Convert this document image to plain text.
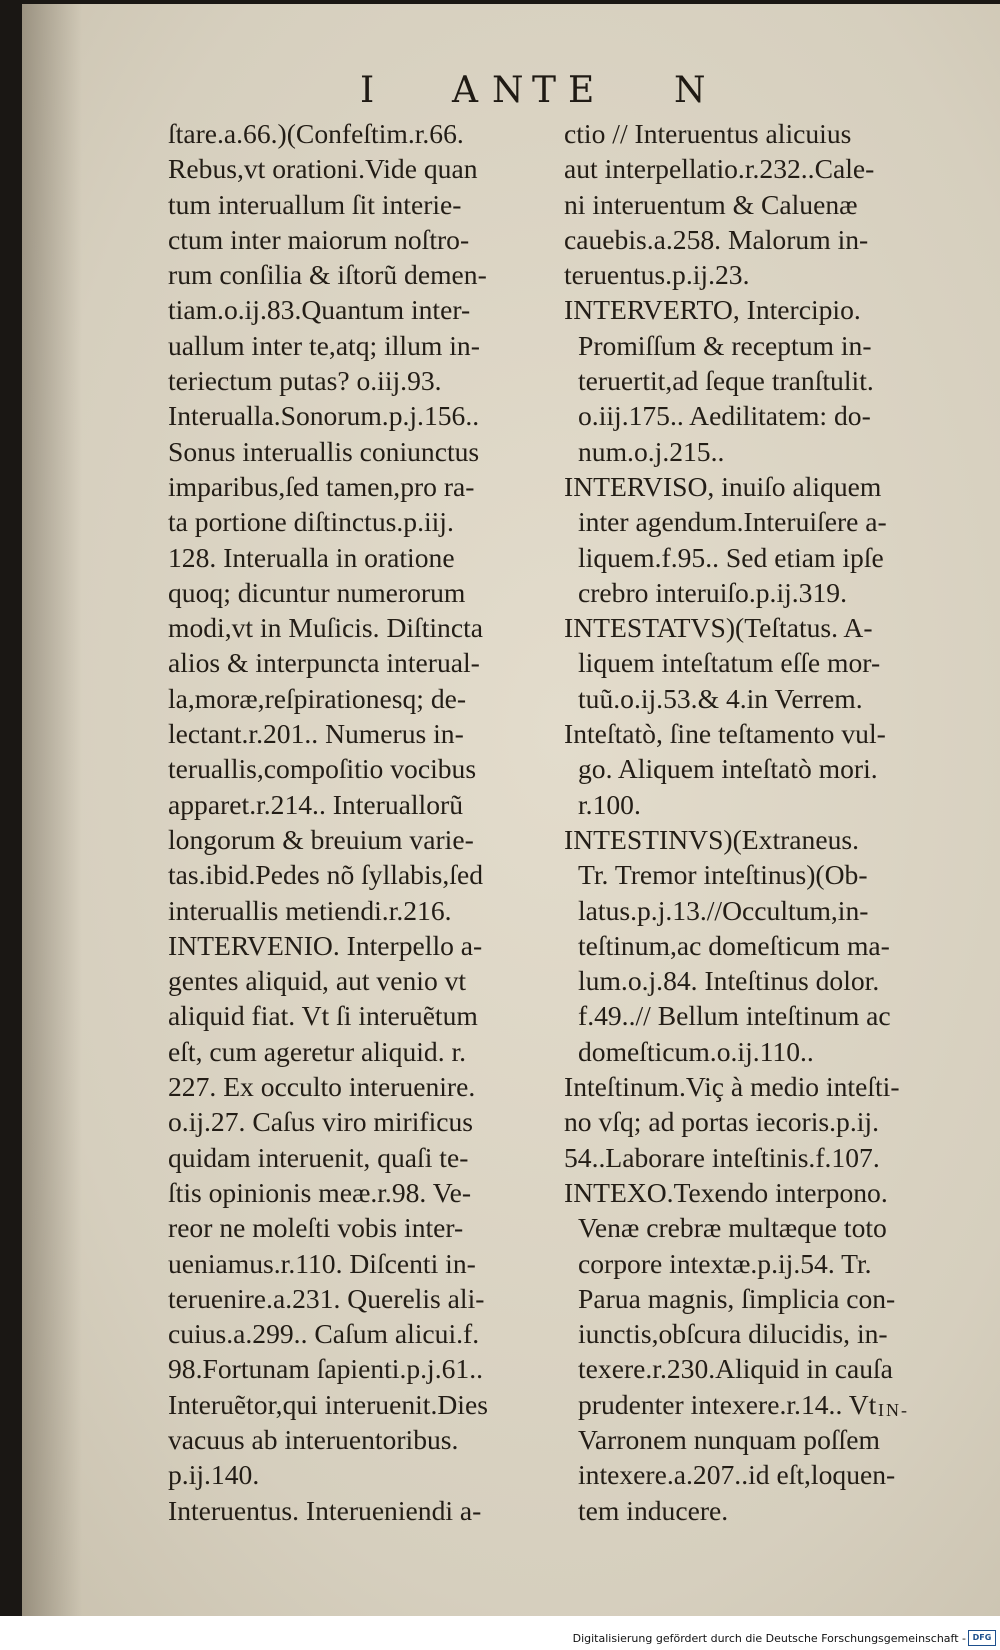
I A N T E N
ſtare.a.66.)(Confeſtim.r.66.
Rebus,vt orationi.Vide quan
tum interuallum ſit interie-
ctum inter maiorum noſtro-
rum conſilia & iſtorũ demen-
tiam.o.ij.83.Quantum inter-
uallum inter te,atq; illum in-
teriectum putas? o.iij.93.
Interualla.Sonorum.p.j.156..
Sonus interuallis coniunctus
imparibus,ſed tamen,pro ra-
ta portione diſtinctus.p.iij.
128. Interualla in oratione
quoq; dicuntur numerorum
modi,vt in Muſicis. Diſtincta
alios & interpuncta interual-
la,moræ,reſpirationesq; de-
lectant.r.201.. Numerus in-
teruallis,compoſitio vocibus
apparet.r.214.. Interuallorũ
longorum & breuium varie-
tas.ibid.Pedes nõ ſyllabis,ſed
interuallis metiendi.r.216.
INTERVENIO. Interpello a-
gentes aliquid, aut venio vt
aliquid fiat. Vt ſi interuẽtum
eſt, cum ageretur aliquid. r.
227. Ex occulto interuenire.
o.ij.27. Caſus viro mirificus
quidam interuenit, quaſi te-
ſtis opinionis meæ.r.98. Ve-
reor ne moleſti vobis inter-
ueniamus.r.110. Diſcenti in-
teruenire.a.231. Querelis ali-
cuius.a.299.. Caſum alicui.f.
98.Fortunam ſapienti.p.j.61..
Interuẽtor,qui interuenit.Dies
vacuus ab interuentoribus.
p.ij.140.
Interuentus. Interueniendi a-
ctio // Interuentus alicuius
aut interpellatio.r.232..Cale-
ni interuentum & Caluenæ
cauebis.a.258. Malorum in-
teruentus.p.ij.23.
INTERVERTO, Intercipio.
Promiſſum & receptum in-
teruertit,ad ſeque tranſtulit.
o.iij.175.. Aedilitatem: do-
num.o.j.215..
INTERVISO, inuiſo aliquem
inter agendum.Interuiſere a-
liquem.f.95.. Sed etiam ipſe
crebro interuiſo.p.ij.319.
INTESTATVS)(Teſtatus. A-
liquem inteſtatum eſſe mor-
tuũ.o.ij.53.& 4.in Verrem.
Inteſtatò, ſine teſtamento vul-
go. Aliquem inteſtatò mori.
r.100.
INTESTINVS)(Extraneus.
Tr. Tremor inteſtinus)(Ob-
latus.p.j.13.//Occultum,in-
teſtinum,ac domeſticum ma-
lum.o.j.84. Inteſtinus dolor.
f.49..// Bellum inteſtinum ac
domeſticum.o.ij.110..
Inteſtinum.Viç à medio inteſti-
no vſq; ad portas iecoris.p.ij.
54..Laborare inteſtinis.f.107.
INTEXO.Texendo interpono.
Venæ crebræ multæque toto
corpore intextæ.p.ij.54. Tr.
Parua magnis, ſimplicia con-
iunctis,obſcura dilucidis, in-
texere.r.230.Aliquid in cauſa
prudenter intexere.r.14.. Vt
Varronem nunquam poſſem
intexere.a.207..id eſt,loquen-
tem inducere.
IN-
Digitalisierung gefördert durch die Deutsche Forschungsgemeinschaft - DFG
